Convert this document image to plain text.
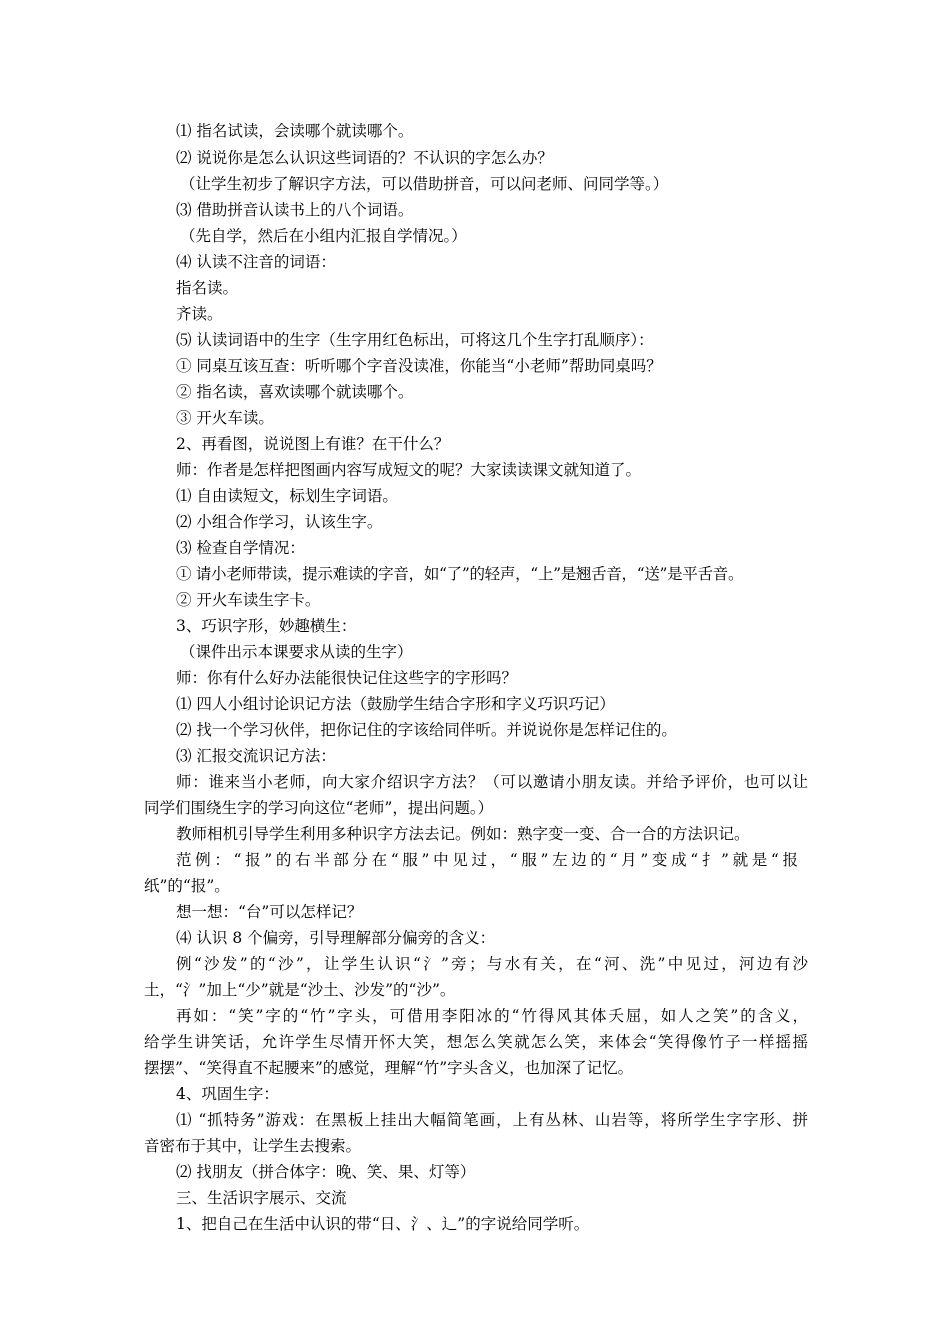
⑴ 指名试读，会读哪个就读哪个。
⑵ 说说你是怎么认识这些词语的？不认识的字怎么办？
（让学生初步了解识字方法，可以借助拼音，可以问老师、问同学等。）
⑶ 借助拼音认读书上的八个词语。
（先自学，然后在小组内汇报自学情况。）
⑷ 认读不注音的词语：
指名读。
齐读。
⑸ 认读词语中的生字（生字用红色标出，可将这几个生字打乱顺序）：
① 同桌互该互查：听听哪个字音没读准，你能当“小老师”帮助同桌吗？
② 指名读，喜欢读哪个就读哪个。
③ 开火车读。
2、再看图，说说图上有谁？在干什么？
师：作者是怎样把图画内容写成短文的呢？大家读读课文就知道了。
⑴ 自由读短文，标划生字词语。
⑵ 小组合作学习，认该生字。
⑶ 检查自学情况：
① 请小老师带读，提示难读的字音，如“了”的轻声，“上”是翘舌音，“送”是平舌音。
② 开火车读生字卡。
3、巧识字形，妙趣横生：
（课件出示本课要求从读的生字）
师：你有什么好办法能很快记住这些字的字形吗？
⑴ 四人小组讨论识记方法（鼓励学生结合字形和字义巧识巧记）
⑵ 找一个学习伙伴，把你记住的字该给同伴听。并说说你是怎样记住的。
⑶ 汇报交流识记方法：
师：谁来当小老师，向大家介绍识字方法？（可以邀请小朋友读。并给予评价，也可以让
同学们围绕生字的学习向这位“老师”，提出问题。）
教师相机引导学生利用多种识字方法去记。例如：熟字变一变、合一合的方法识记。
范例：“报”的右半部分在“服”中见过，“服”左边的“月”变成“扌”就是“报
纸”的“报”。
想一想：“台”可以怎样记？
⑷ 认识 8 个偏旁，引导理解部分偏旁的含义：
例“沙发”的“沙”，让学生认识“氵”旁；与水有关，在“河、洗”中见过，河边有沙
土，“氵”加上“少”就是“沙土、沙发”的“沙”。
再如：“笑”字的“竹”字头，可借用李阳冰的“竹得风其体夭屈，如人之笑”的含义，
给学生讲笑话，允许学生尽情开怀大笑，想怎么笑就怎么笑，来体会“笑得像竹子一样摇摇
摆摆”、“笑得直不起腰来”的感觉，理解“竹”字头含义，也加深了记忆。
4、巩固生字：
⑴ “抓特务”游戏：在黑板上挂出大幅简笔画，上有丛林、山岩等，将所学生字字形、拼
音密布于其中，让学生去搜索。
⑵ 找朋友（拼合体字：晚、笑、果、灯等）
三、生活识字展示、交流
1、把自己在生活中认识的带“日、氵、辶”的字说给同学听。
